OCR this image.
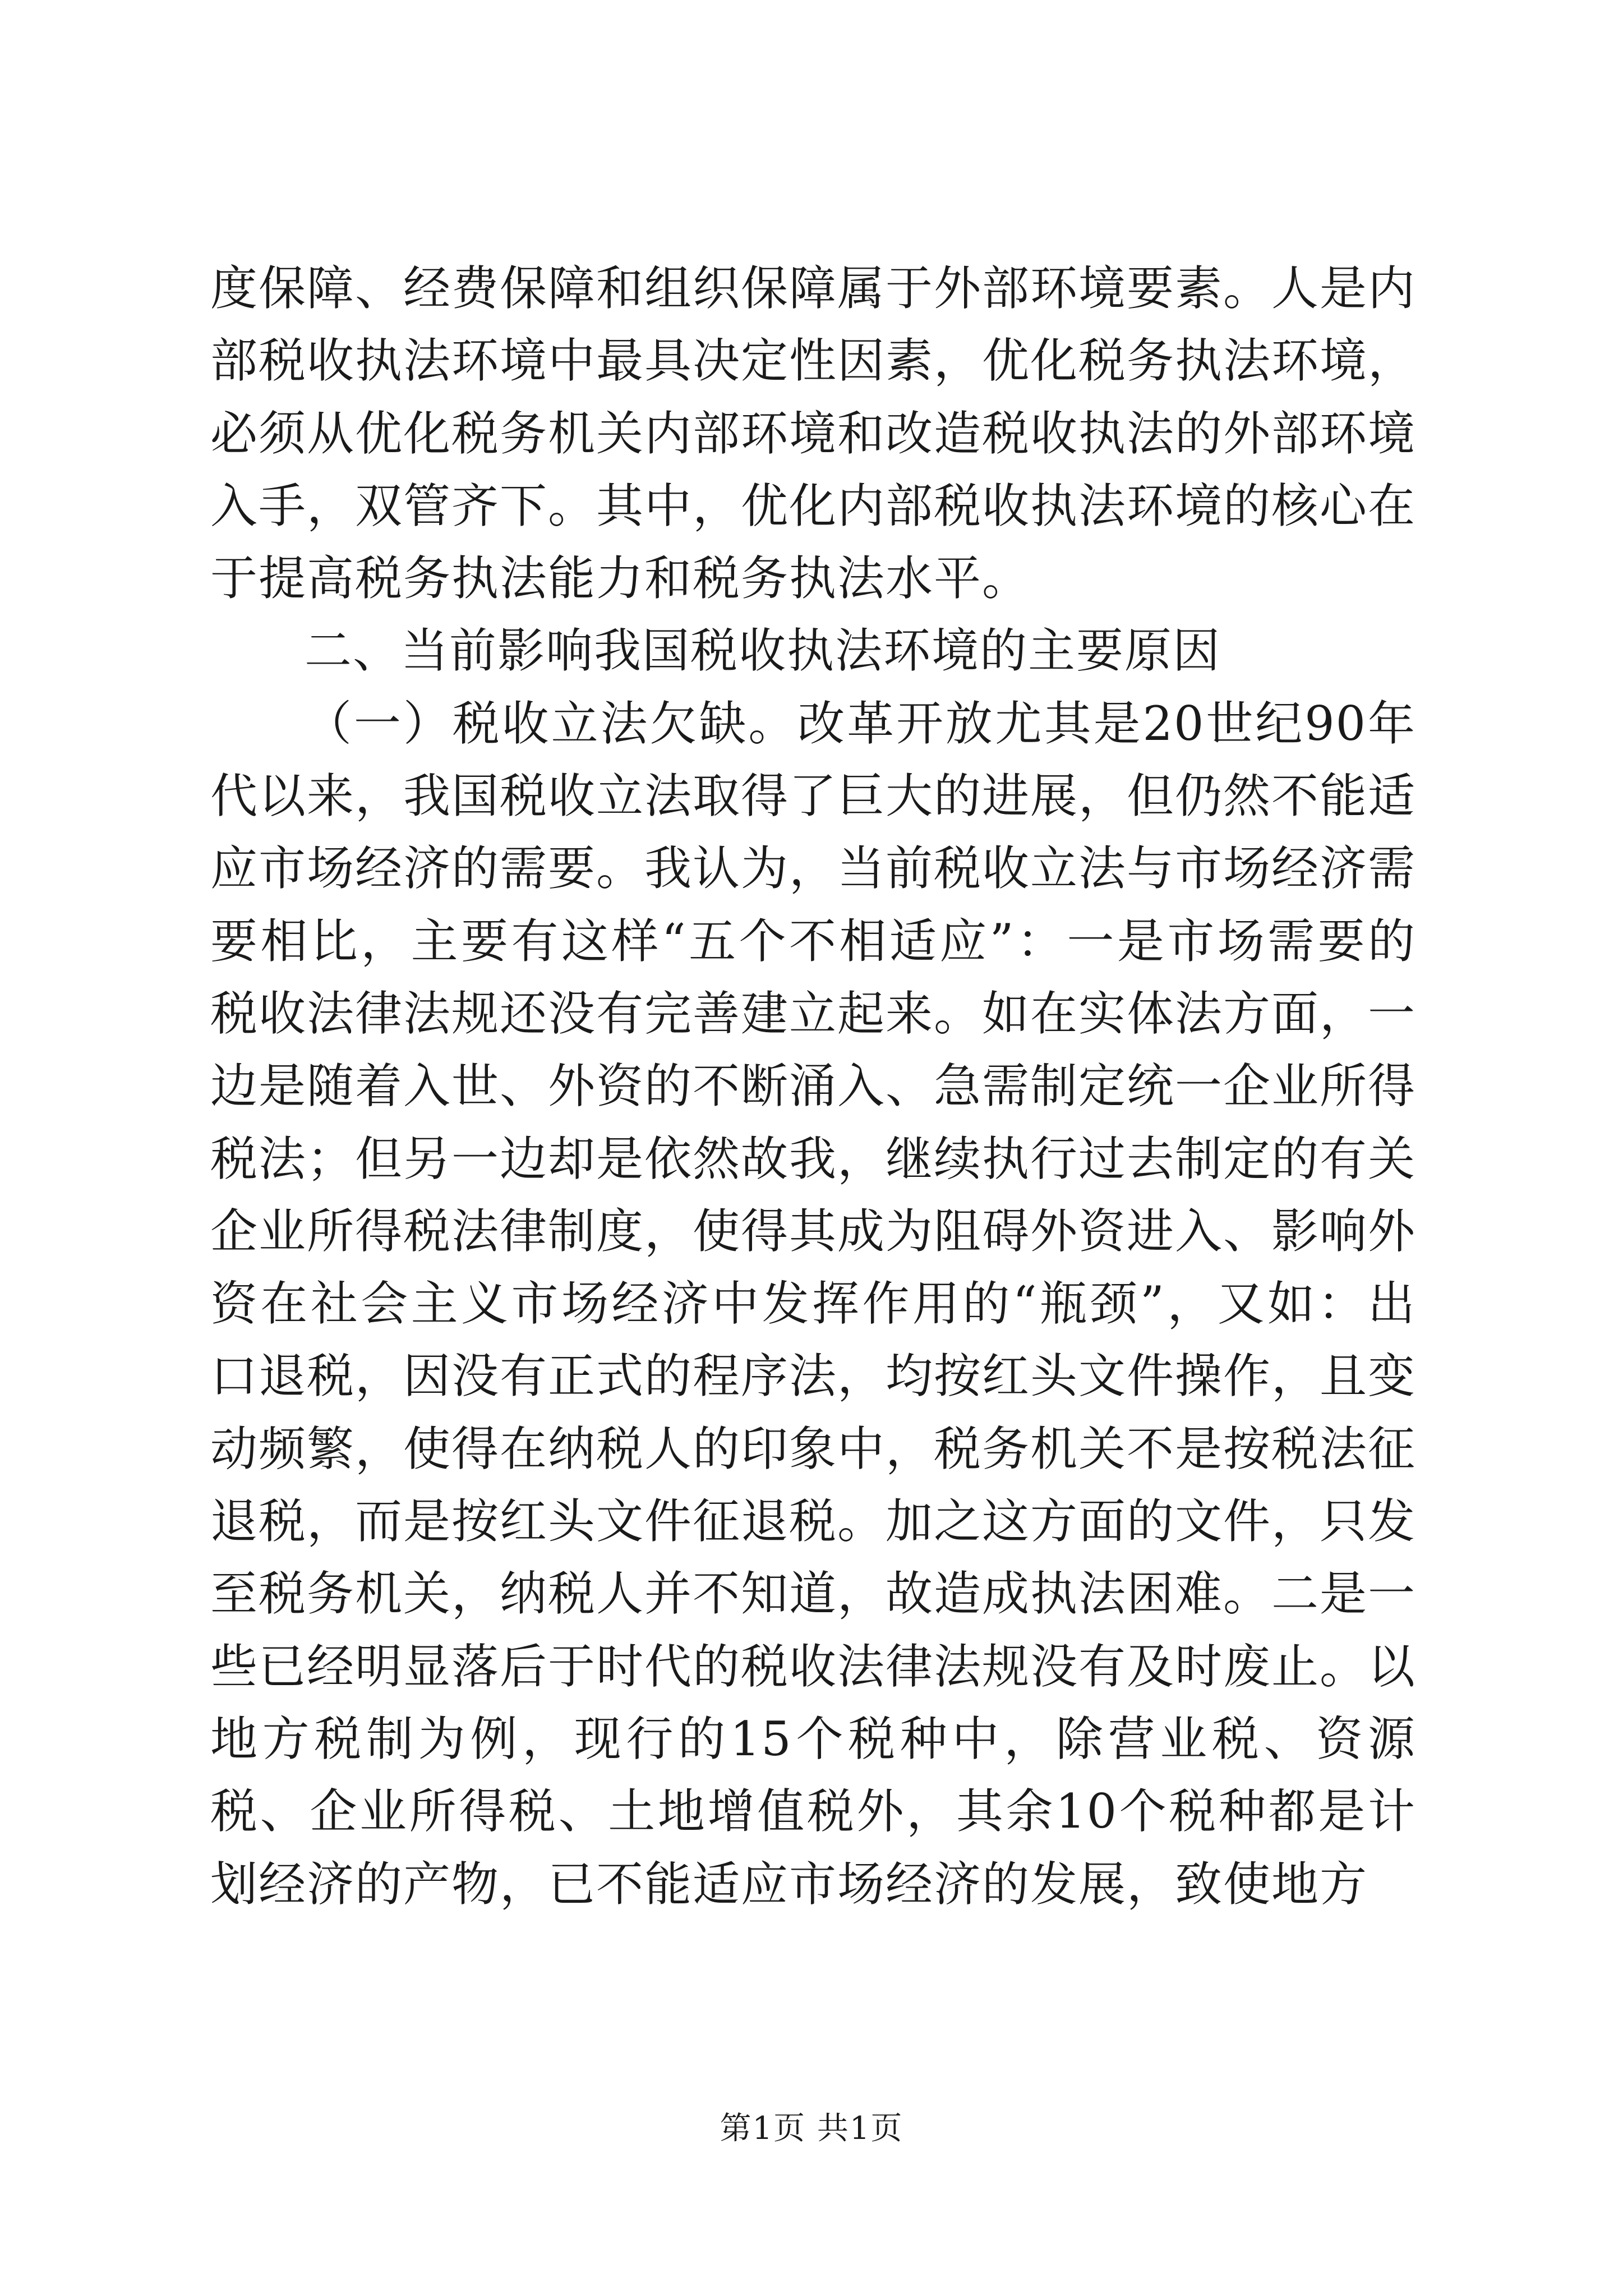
度保障、经费保障和组织保障属于外部环境要素。人是内部税收执法环境中最具决定性因素，优化税务执法环境，必须从优化税务机关内部环境和改造税收执法的外部环境入手，双管齐下。其中，优化内部税收执法环境的核心在于提高税务执法能力和税务执法水平。

二、当前影响我国税收执法环境的主要原因

（一）税收立法欠缺。改革开放尤其是20世纪90年代以来，我国税收立法取得了巨大的进展，但仍然不能适应市场经济的需要。我认为，当前税收立法与市场经济需要相比，主要有这样“五个不相适应”：一是市场需要的税收法律法规还没有完善建立起来。如在实体法方面，一边是随着入世、外资的不断涌入、急需制定统一企业所得税法；但另一边却是依然故我，继续执行过去制定的有关企业所得税法律制度，使得其成为阻碍外资进入、影响外资在社会主义市场经济中发挥作用的“瓶颈”，又如：出口退税，因没有正式的程序法，均按红头文件操作，且变动频繁，使得在纳税人的印象中，税务机关不是按税法征退税，而是按红头文件征退税。加之这方面的文件，只发至税务机关，纳税人并不知道，故造成执法困难。二是一些已经明显落后于时代的税收法律法规没有及时废止。以地方税制为例，现行的15个税种中，除营业税、资源税、企业所得税、土地增值税外，其余10个税种都是计划经济的产物，已不能适应市场经济的发展，致使地方

第1页 共1页
